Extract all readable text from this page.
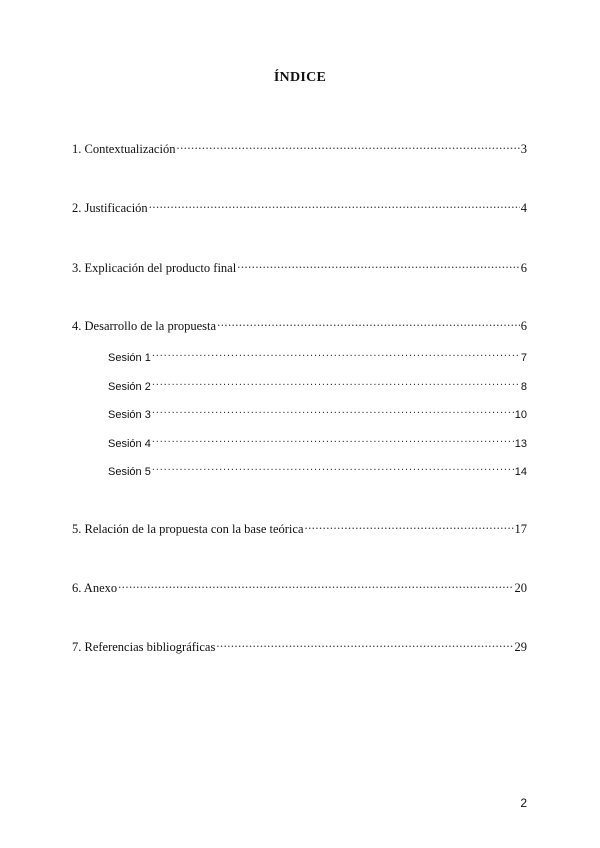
ÍNDICE
1. Contextualización .....	3
2. Justificación .....	4
3. Explicación del producto final .....	6
4. Desarrollo de la propuesta .....	6
Sesión 1 .....	7
Sesión 2 .....	8
Sesión 3 .....	10
Sesión 4 .....	13
Sesión 5 .....	14
5. Relación de la propuesta con la base teórica .....	17
6. Anexo .....	20
7. Referencias bibliográficas .....	29
2
